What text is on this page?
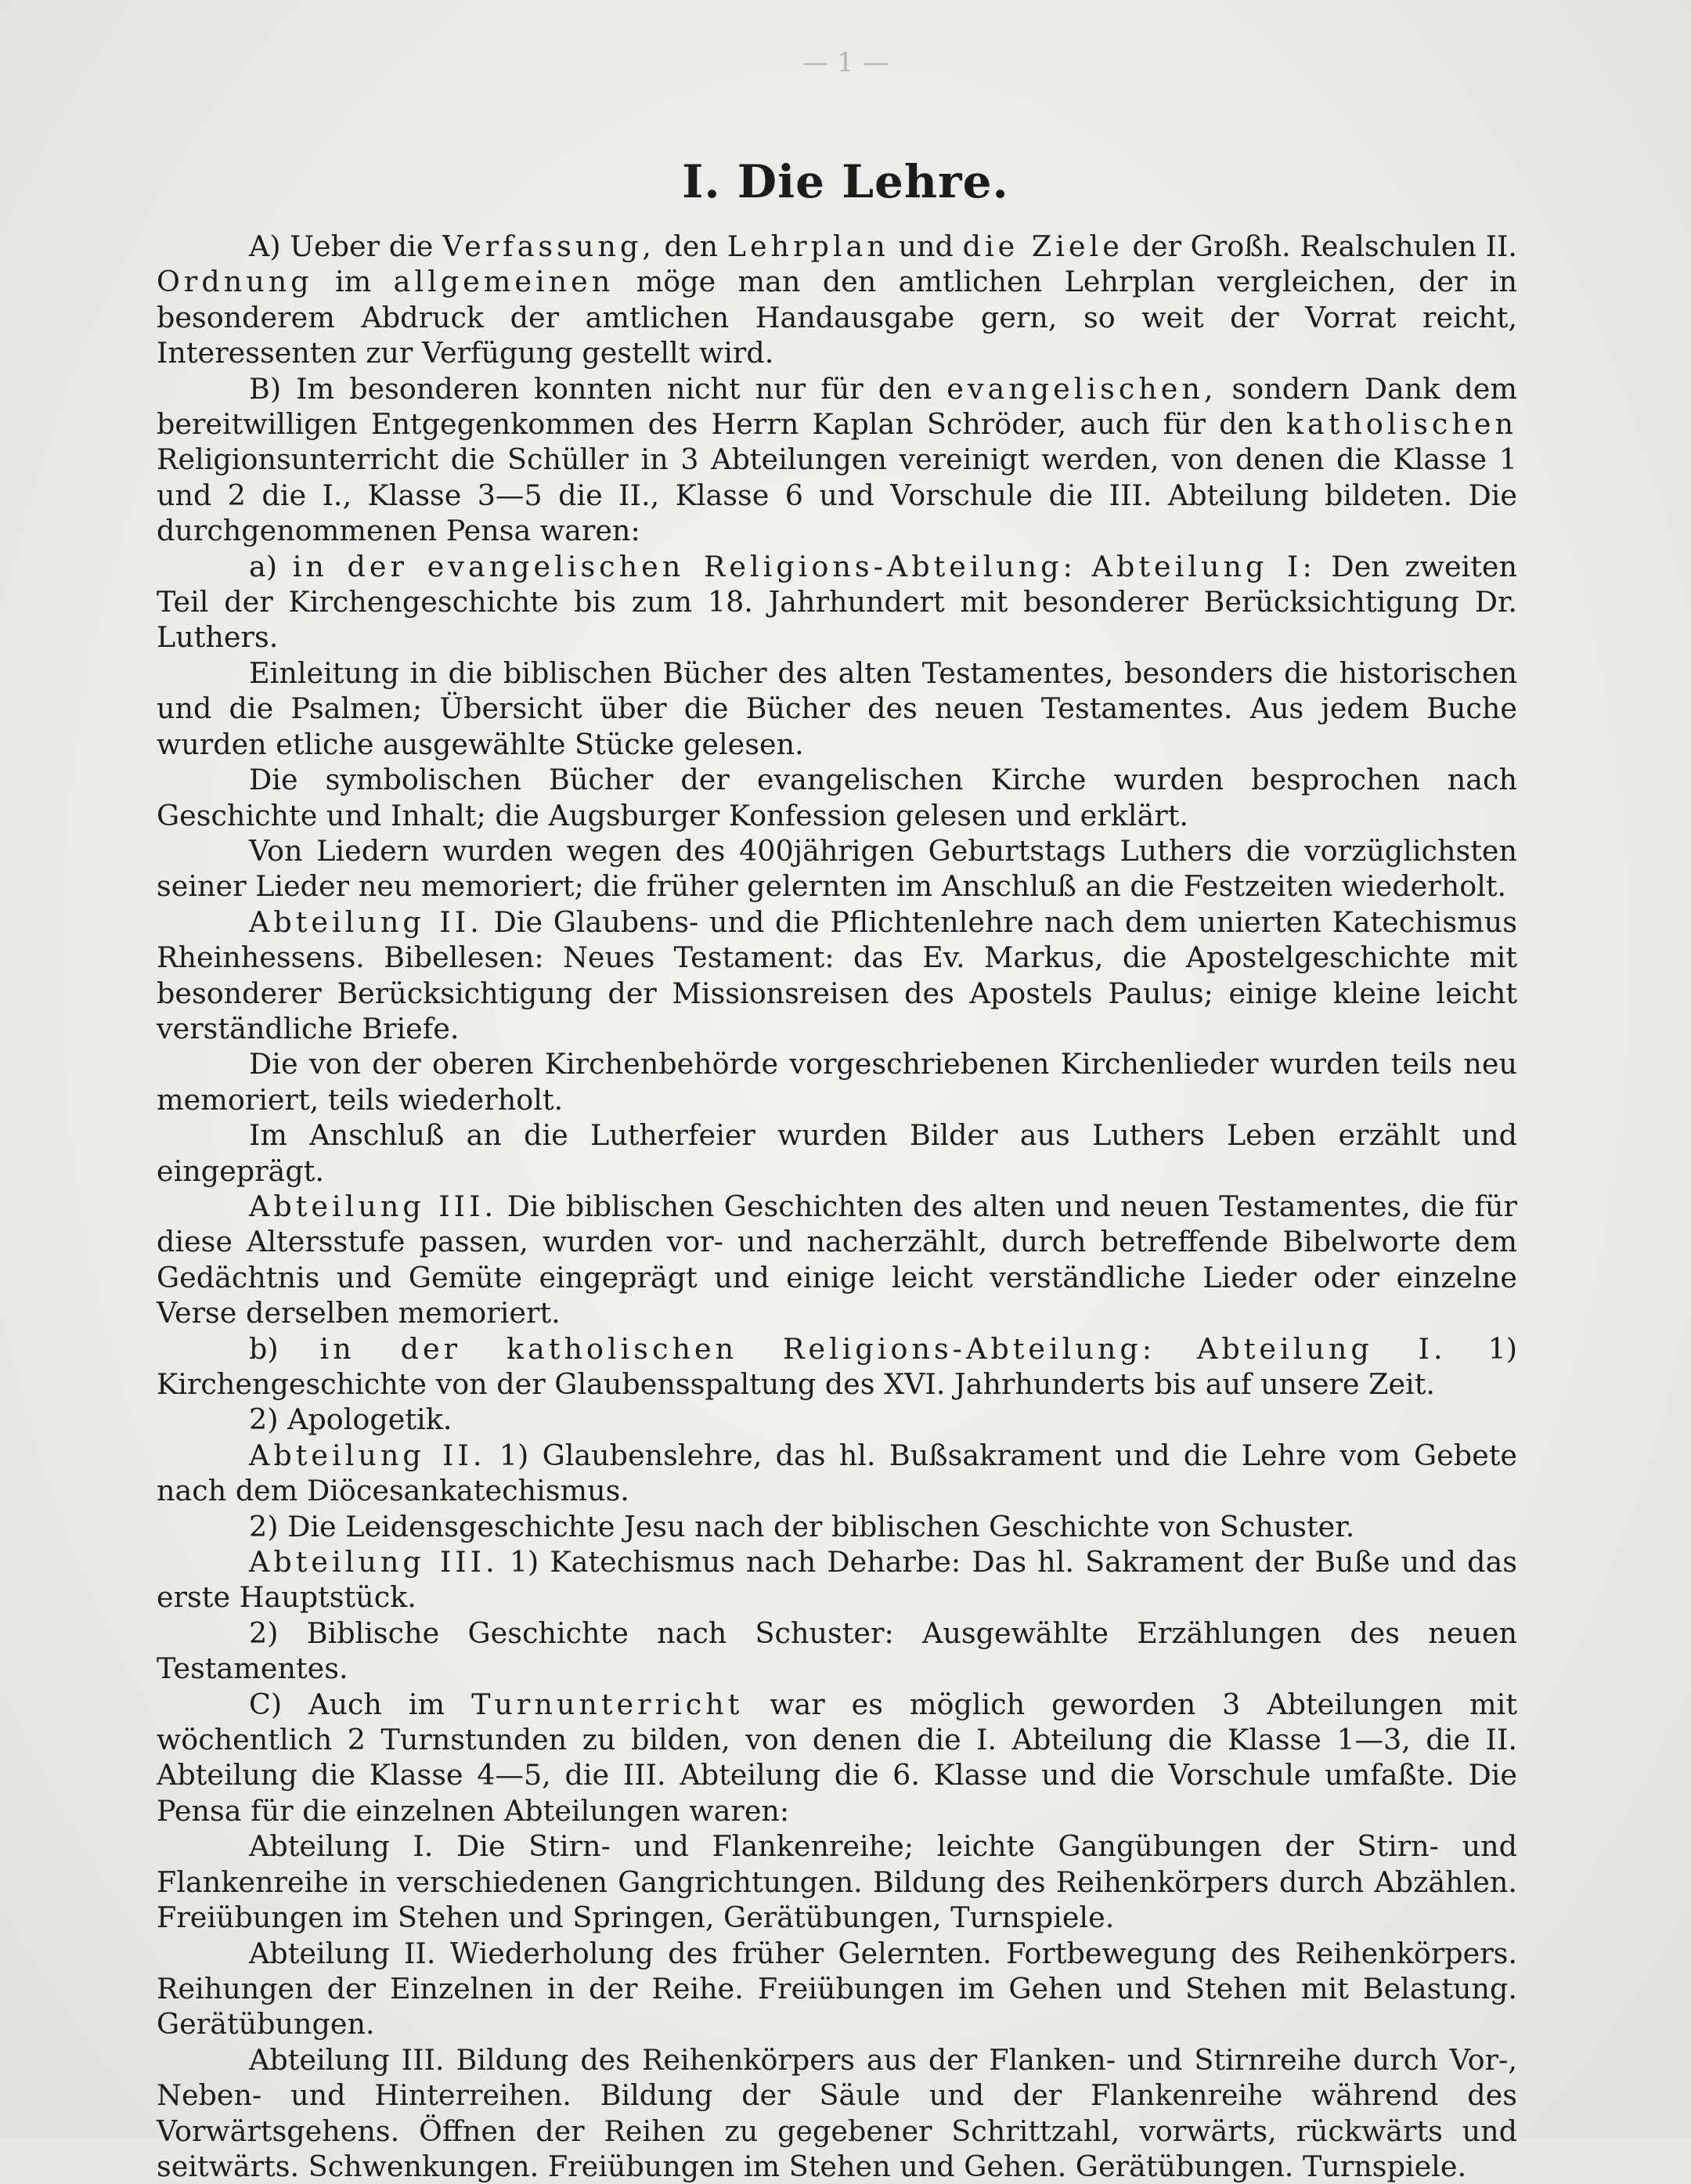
— 1 —
I. Die Lehre.

A) Ueber die Verfassung, den Lehrplan und die Ziele der Großh. Realschulen II. Ordnung im allgemeinen möge man den amtlichen Lehrplan vergleichen, der in besonderem Abdruck der amtlichen Handausgabe gern, so weit der Vorrat reicht, Interessenten zur Verfügung gestellt wird.

B) Im besonderen konnten nicht nur für den evangelischen, sondern Dank dem bereitwilligen Entgegenkommen des Herrn Kaplan Schröder, auch für den katholischen Religionsunterricht die Schüller in 3 Abteilungen vereinigt werden, von denen die Klasse 1 und 2 die I., Klasse 3—5 die II., Klasse 6 und Vorschule die III. Abteilung bildeten. Die durchgenommenen Pensa waren:

a) in der evangelischen Religions-Abteilung: Abteilung I: Den zweiten Teil der Kirchengeschichte bis zum 18. Jahrhundert mit besonderer Berücksichtigung Dr. Luthers.

Einleitung in die biblischen Bücher des alten Testamentes, besonders die historischen und die Psalmen; Übersicht über die Bücher des neuen Testamentes. Aus jedem Buche wurden etliche ausgewählte Stücke gelesen.

Die symbolischen Bücher der evangelischen Kirche wurden besprochen nach Geschichte und Inhalt; die Augsburger Konfession gelesen und erklärt.

Von Liedern wurden wegen des 400jährigen Geburtstags Luthers die vorzüglichsten seiner Lieder neu memoriert; die früher gelernten im Anschluß an die Festzeiten wiederholt.

Abteilung II. Die Glaubens- und die Pflichtenlehre nach dem unierten Katechismus Rheinhessens. Bibellesen: Neues Testament: das Ev. Markus, die Apostelgeschichte mit besonderer Berücksichtigung der Missionsreisen des Apostels Paulus; einige kleine leicht verständliche Briefe.

Die von der oberen Kirchenbehörde vorgeschriebenen Kirchenlieder wurden teils neu memoriert, teils wiederholt.

Im Anschluß an die Lutherfeier wurden Bilder aus Luthers Leben erzählt und eingeprägt.

Abteilung III. Die biblischen Geschichten des alten und neuen Testamentes, die für diese Altersstufe passen, wurden vor- und nacherzählt, durch betreffende Bibelworte dem Gedächtnis und Gemüte eingeprägt und einige leicht verständliche Lieder oder einzelne Verse derselben memoriert.

b) in der katholischen Religions-Abteilung: Abteilung I. 1) Kirchengeschichte von der Glaubensspaltung des XVI. Jahrhunderts bis auf unsere Zeit.

2) Apologetik.

Abteilung II. 1) Glaubenslehre, das hl. Bußsakrament und die Lehre vom Gebete nach dem Diöcesankatechismus.

2) Die Leidensgeschichte Jesu nach der biblischen Geschichte von Schuster.

Abteilung III. 1) Katechismus nach Deharbe: Das hl. Sakrament der Buße und das erste Hauptstück.

2) Biblische Geschichte nach Schuster: Ausgewählte Erzählungen des neuen Testamentes.

C) Auch im Turnunterricht war es möglich geworden 3 Abteilungen mit wöchentlich 2 Turnstunden zu bilden, von denen die I. Abteilung die Klasse 1—3, die II. Abteilung die Klasse 4—5, die III. Abteilung die 6. Klasse und die Vorschule umfaßte. Die Pensa für die einzelnen Abteilungen waren:

Abteilung I. Die Stirn- und Flankenreihe; leichte Gangübungen der Stirn- und Flankenreihe in verschiedenen Gangrichtungen. Bildung des Reihenkörpers durch Abzählen. Freiübungen im Stehen und Springen, Gerätübungen, Turnspiele.

Abteilung II. Wiederholung des früher Gelernten. Fortbewegung des Reihenkörpers. Reihungen der Einzelnen in der Reihe. Freiübungen im Gehen und Stehen mit Belastung. Gerätübungen.

Abteilung III. Bildung des Reihenkörpers aus der Flanken- und Stirnreihe durch Vor-, Neben- und Hinterreihen. Bildung der Säule und der Flankenreihe während des Vorwärtsgehens. Öffnen der Reihen zu gegebener Schrittzahl, vorwärts, rückwärts und seitwärts. Schwenkungen. Freiübungen im Stehen und Gehen. Gerätübungen. Turnspiele.
